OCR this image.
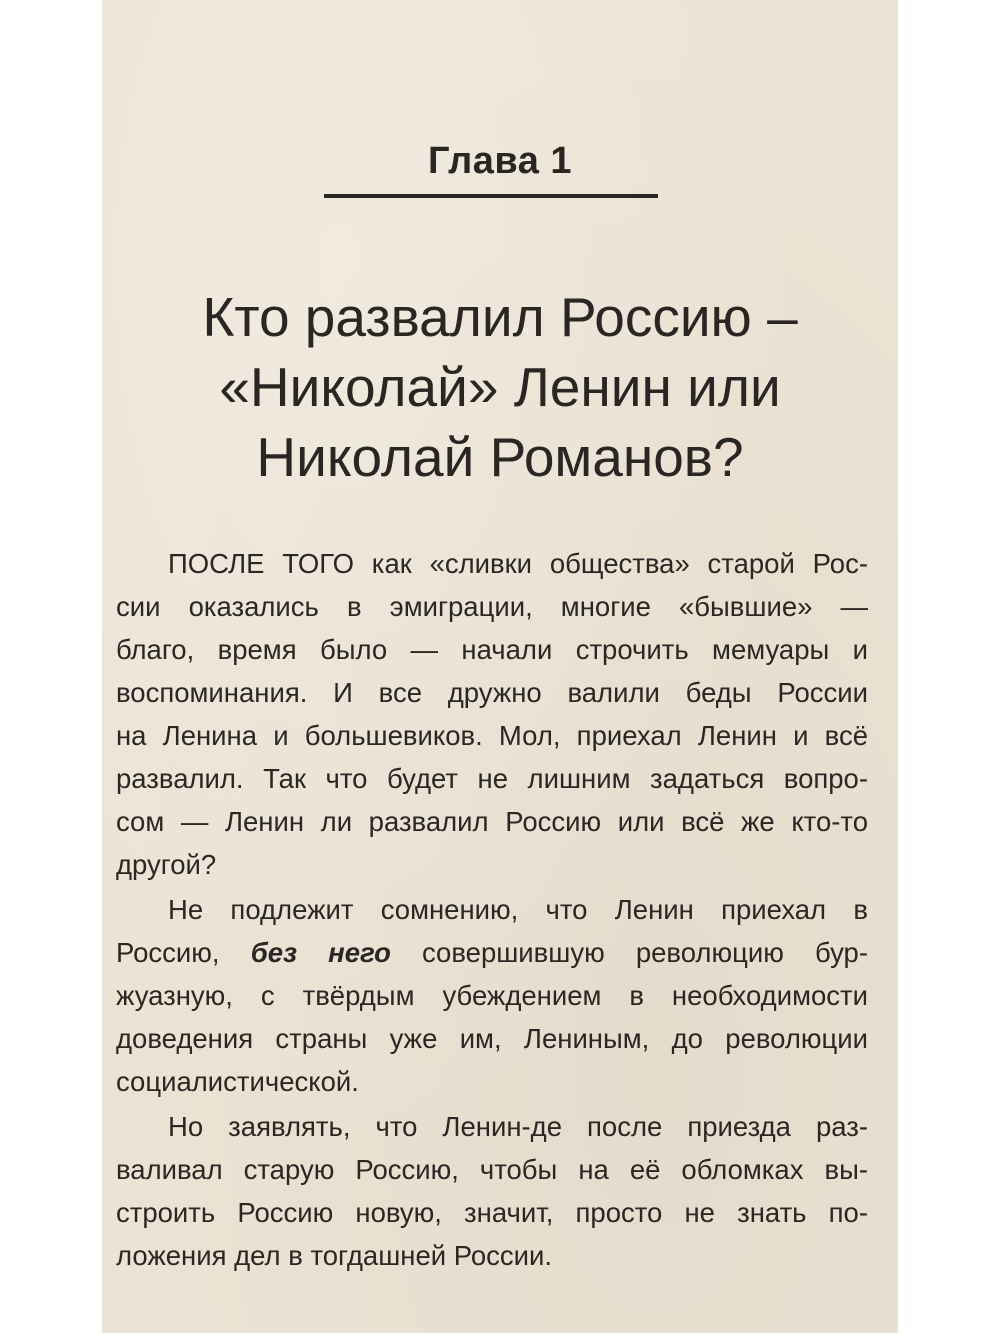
Глава 1
Кто развалил Россию –
«Николай» Ленин или
Николай Романов?

ПОСЛЕ ТОГО как «сливки общества» старой Рос-
сии оказались в эмиграции, многие «бывшие» —
благо, время было — начали строчить мемуары и
воспоминания. И все дружно валили беды России
на Ленина и большевиков. Мол, приехал Ленин и всё
развалил. Так что будет не лишним задаться вопро-
сом — Ленин ли развалил Россию или всё же кто-то
другой?

Не подлежит сомнению, что Ленин приехал в
Россию, без него совершившую революцию бур-
жуазную, с твёрдым убеждением в необходимости
доведения страны уже им, Лениным, до революции
социалистической.

Но заявлять, что Ленин-де после приезда раз-
валивал старую Россию, чтобы на её обломках вы-
строить Россию новую, значит, просто не знать по-
ложения дел в тогдашней России.
